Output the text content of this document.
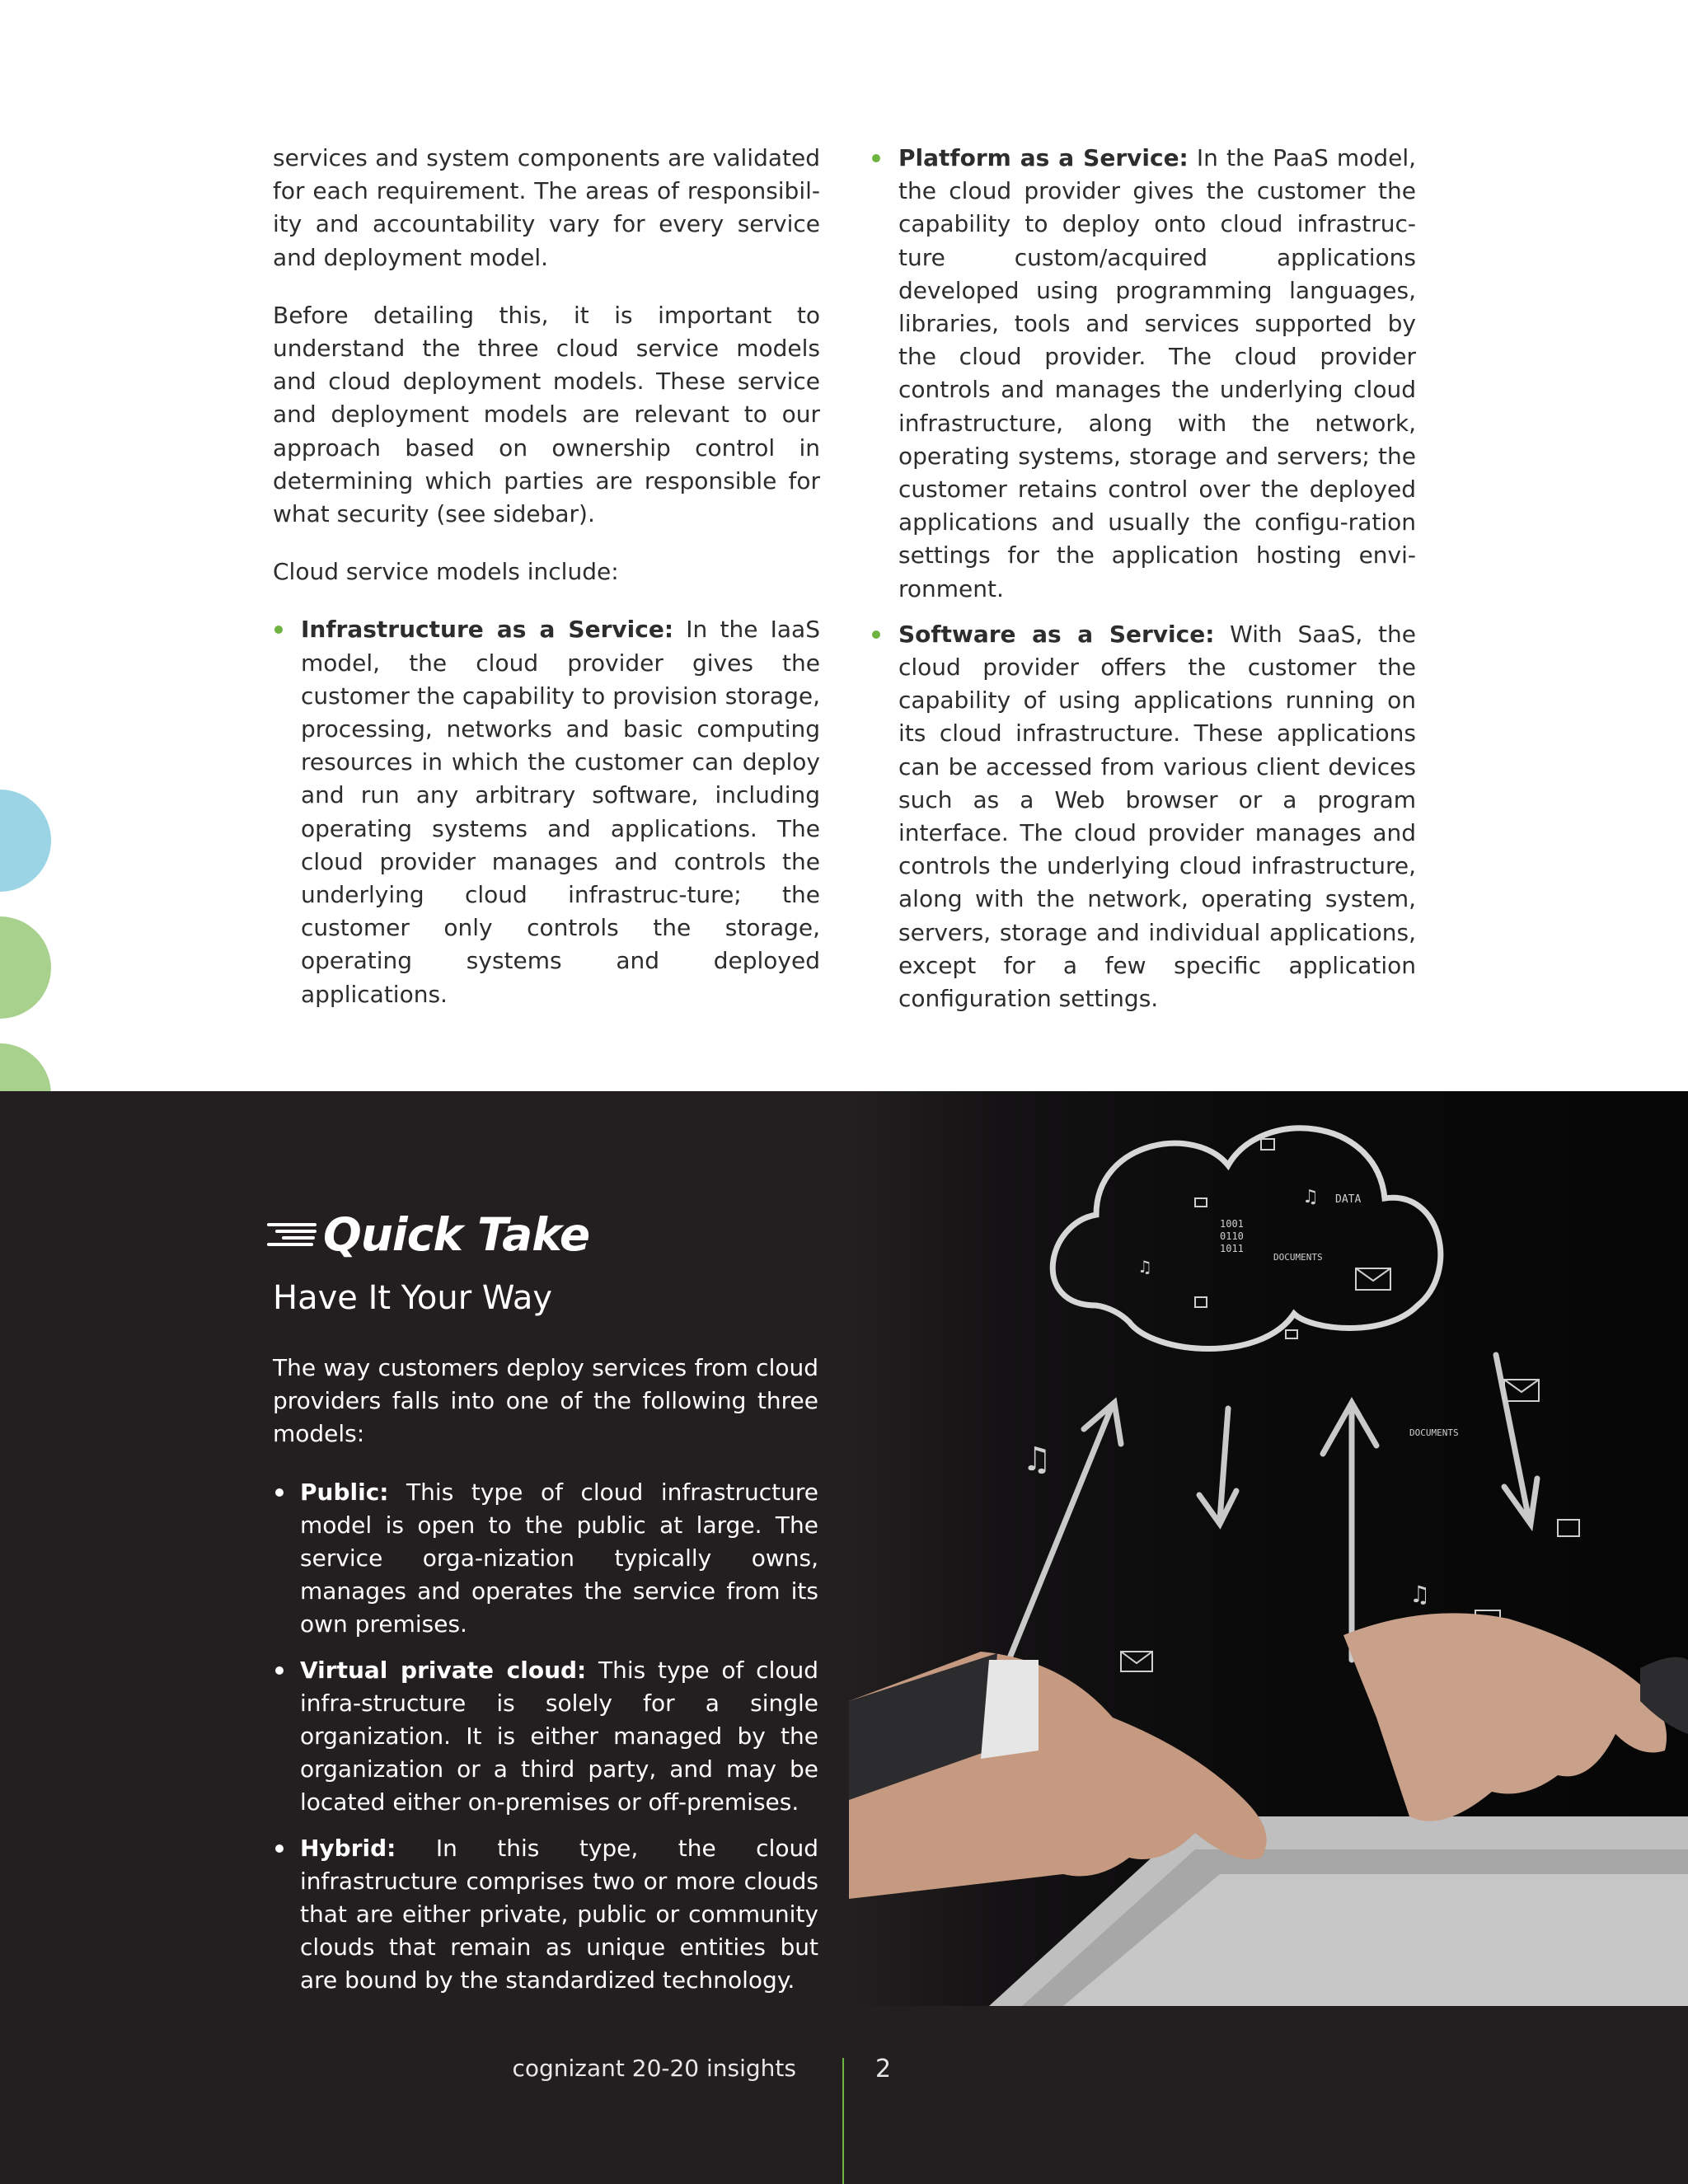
services and system components are validated for each requirement. The areas of responsibil-ity and accountability vary for every service and deployment model.

Before detailing this, it is important to understand the three cloud service models and cloud deployment models. These service and deployment models are relevant to our approach based on ownership control in determining which parties are responsible for what security (see sidebar).

Cloud service models include:

Infrastructure as a Service: In the IaaS model, the cloud provider gives the customer the capability to provision storage, processing, networks and basic computing resources in which the customer can deploy and run any arbitrary software, including operating systems and applications. The cloud provider manages and controls the underlying cloud infrastruc-ture; the customer only controls the storage, operating systems and deployed applications.
Platform as a Service: In the PaaS model, the cloud provider gives the customer the capability to deploy onto cloud infrastruc-ture custom/acquired applications developed using programming languages, libraries, tools and services supported by the cloud provider. The cloud provider controls and manages the underlying cloud infrastructure, along with the network, operating systems, storage and servers; the customer retains control over the deployed applications and usually the configu-ration settings for the application hosting envi-ronment.
Software as a Service: With SaaS, the cloud provider offers the customer the capability of using applications running on its cloud infrastructure. These applications can be accessed from various client devices such as a Web browser or a program interface. The cloud provider manages and controls the underlying cloud infrastructure, along with the network, operating system, servers, storage and individual applications, except for a few specific application configuration settings.
♫
♫
DATA
DOCUMENTS
1001
0110
1011
♫
♫
DOCUMENTS
Quick Take
Have It Your Way

The way customers deploy services from cloud providers falls into one of the following three models:

Public: This type of cloud infrastructure model is open to the public at large. The service orga-nization typically owns, manages and operates the service from its own premises.
Virtual private cloud: This type of cloud infra-structure is solely for a single organization. It is either managed by the organization or a third party, and may be located either on-premises or off-premises.
Hybrid: In this type, the cloud infrastructure comprises two or more clouds that are either private, public or community clouds that remain as unique entities but are bound by the standardized technology.
cognizant 20-20 insights	2
